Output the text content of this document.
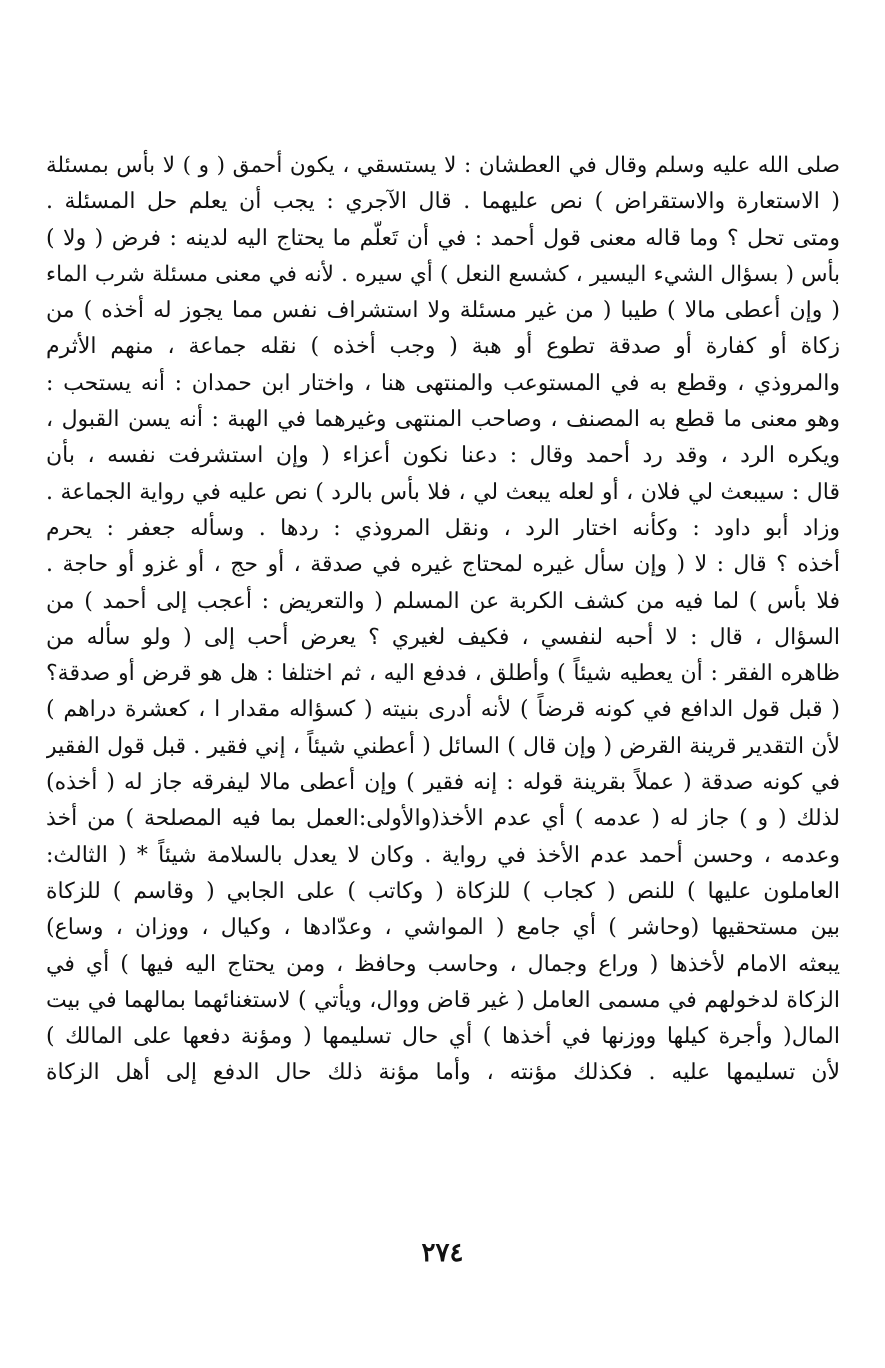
صلى الله عليه وسلم وقال في العطشان : لا يستسقي ، يكون أحمق ( و ) لا بأس بمسئلة
( الاستعارة والاستقراض ) نص عليهما . قال الآجري : يجب أن يعلم حل المسئلة .
ومتى تحل ؟ وما قاله معنى قول أحمد : في أن تَعلّم ما يحتاج اليه لدينه : فرض ( ولا )
بأس ( بسؤال الشيء اليسير ، كشسع النعل ) أي سيره . لأنه في معنى مسئلة شرب الماء
( وإن أعطى مالا ) طيبا ( من غير مسئلة ولا استشراف نفس مما يجوز له أخذه ) من
زكاة أو كفارة أو صدقة تطوع أو هبة ( وجب أخذه ) نقله جماعة ، منهم الأثرم
والمروذي ، وقطع به في المستوعب والمنتهى هنا ، واختار ابن حمدان : أنه يستحب :
وهو معنى ما قطع به المصنف ، وصاحب المنتهى وغيرهما في الهبة : أنه يسن القبول ،
ويكره الرد ، وقد رد أحمد وقال : دعنا نكون أعزاء ( وإن استشرفت نفسه ، بأن
قال : سيبعث لي فلان ، أو لعله يبعث لي ، فلا بأس بالرد ) نص عليه في رواية الجماعة .
وزاد أبو داود : وكأنه اختار الرد ، ونقل المروذي : ردها . وسأله جعفر : يحرم
أخذه ؟ قال : لا ( وإن سأل غيره لمحتاج غيره في صدقة ، أو حج ، أو غزو أو حاجة .
فلا بأس ) لما فيه من كشف الكربة عن المسلم ( والتعريض : أعجب إلى أحمد ) من
السؤال ، قال : لا أحبه لنفسي ، فكيف لغيري ؟ يعرض أحب إلى ( ولو سأله من
ظاهره الفقر : أن يعطيه شيئاً ) وأطلق ، فدفع اليه ، ثم اختلفا : هل هو قرض أو صدقة؟
( قبل قول الدافع في كونه قرضاً ) لأنه أدرى بنيته ( كسؤاله مقدار ا ، كعشرة دراهم )
لأن التقدير قرينة القرض ( وإن قال ) السائل ( أعطني شيئاً ، إني فقير . قبل قول الفقير
في كونه صدقة ( عملاً بقرينة قوله : إنه فقير ) وإن أعطى مالا ليفرقه جاز له ( أخذه)
لذلك ( و ) جاز له ( عدمه ) أي عدم الأخذ(والأولى:العمل بما فيه المصلحة ) من أخذ
وعدمه ، وحسن أحمد عدم الأخذ في رواية . وكان لا يعدل بالسلامة شيئاً * ( الثالث:
العاملون عليها ) للنص ( كجاب ) للزكاة ( وكاتب ) على الجابي ( وقاسم ) للزكاة
بين مستحقيها (وحاشر ) أي جامع ( المواشي ، وعدّادها ، وكيال ، ووزان ، وساع)
يبعثه الامام لأخذها ( وراع وجمال ، وحاسب وحافظ ، ومن يحتاج اليه فيها ) أي في
الزكاة لدخولهم في مسمى العامل ( غير قاض ووال، ويأتي ) لاستغنائهما بمالهما في بيت
المال( وأجرة كيلها ووزنها في أخذها ) أي حال تسليمها ( ومؤنة دفعها على المالك )
لأن تسليمها عليه . فكذلك مؤنته ، وأما مؤنة ذلك حال الدفع إلى أهل الزكاة
٢٧٤
